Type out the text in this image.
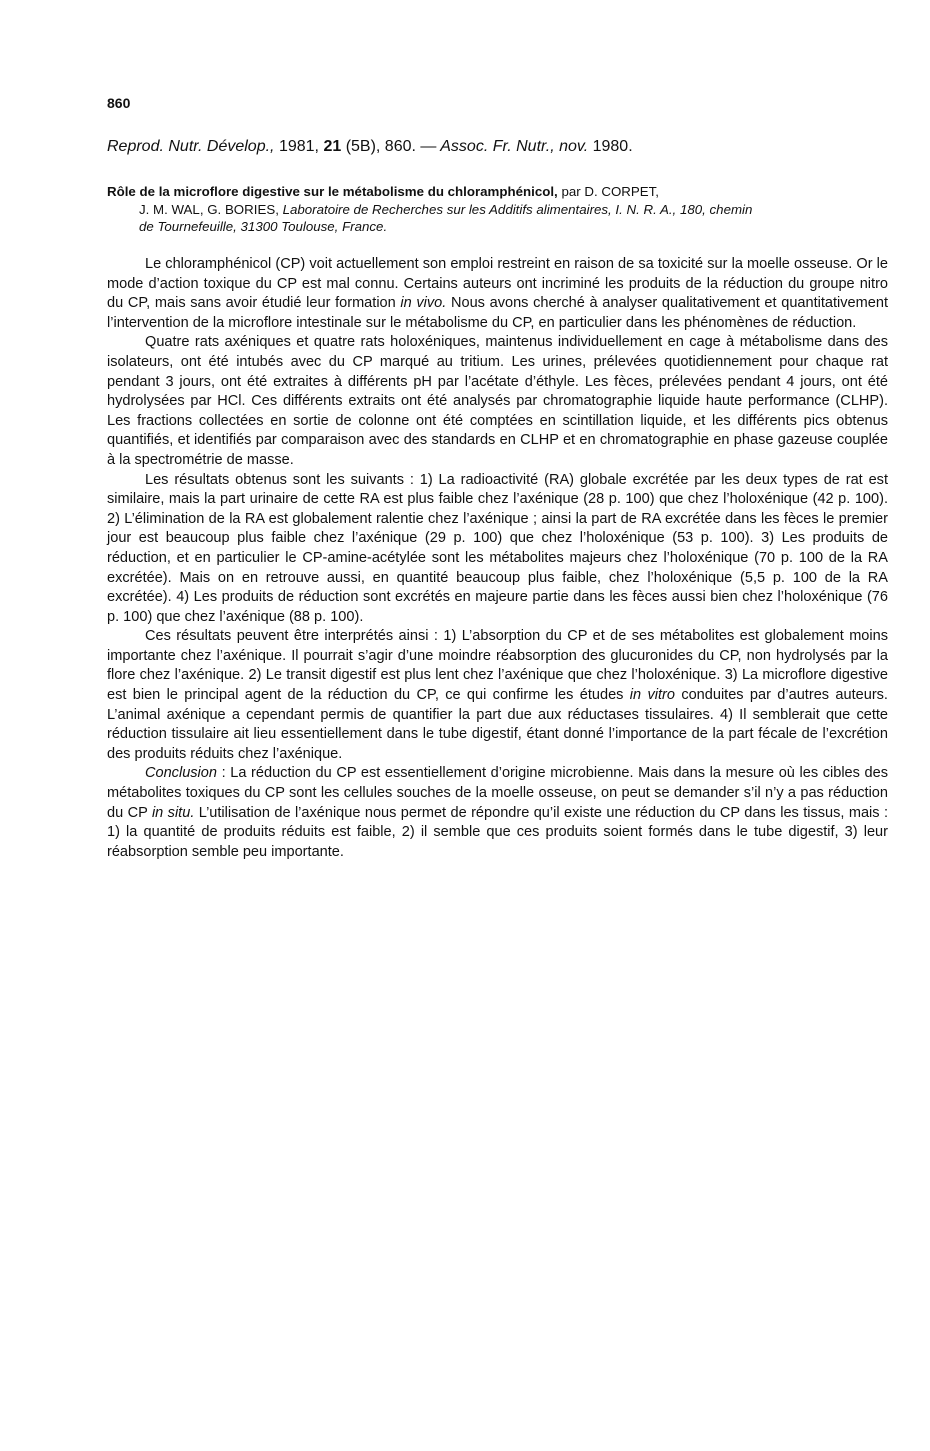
860
Reprod. Nutr. Dévelop., 1981, 21 (5B), 860. — Assoc. Fr. Nutr., nov. 1980.
Rôle de la microflore digestive sur le métabolisme du chloramphénicol, par D. CORPET,
J. M. WAL, G. BORIES, Laboratoire de Recherches sur les Additifs alimentaires, I. N. R. A., 180, chemin
de Tournefeuille, 31300 Toulouse, France.

Le chloramphénicol (CP) voit actuellement son emploi restreint en raison de sa toxicité sur la moelle osseuse. Or le mode d’action toxique du CP est mal connu. Certains auteurs ont incriminé les produits de la réduction du groupe nitro du CP, mais sans avoir étudié leur formation in vivo. Nous avons cherché à analyser qualitativement et quantitativement l’intervention de la microflore intestinale sur le métabolisme du CP, en particulier dans les phénomènes de réduction.

Quatre rats axéniques et quatre rats holoxéniques, maintenus individuellement en cage à métabolisme dans des isolateurs, ont été intubés avec du CP marqué au tritium. Les urines, prélevées quotidiennement pour chaque rat pendant 3 jours, ont été extraites à différents pH par l’acétate d’éthyle. Les fèces, prélevées pendant 4 jours, ont été hydrolysées par HCl. Ces différents extraits ont été analysés par chromatographie liquide haute performance (CLHP). Les fractions collectées en sortie de colonne ont été comptées en scintillation liquide, et les différents pics obtenus quantifiés, et identifiés par comparaison avec des standards en CLHP et en chromatographie en phase gazeuse couplée à la spectrométrie de masse.

Les résultats obtenus sont les suivants : 1) La radioactivité (RA) globale excrétée par les deux types de rat est similaire, mais la part urinaire de cette RA est plus faible chez l’axénique (28 p. 100) que chez l’holoxénique (42 p. 100). 2) L’élimination de la RA est globalement ralentie chez l’axénique ; ainsi la part de RA excrétée dans les fèces le premier jour est beaucoup plus faible chez l’axénique (29 p. 100) que chez l’holoxénique (53 p. 100). 3) Les produits de réduction, et en particulier le CP-amine-acétylée sont les métabolites majeurs chez l’holoxénique (70 p. 100 de la RA excrétée). Mais on en retrouve aussi, en quantité beaucoup plus faible, chez l’holoxénique (5,5 p. 100 de la RA excrétée). 4) Les produits de réduction sont excrétés en majeure partie dans les fèces aussi bien chez l’holoxénique (76 p. 100) que chez l’axénique (88 p. 100).

Ces résultats peuvent être interprétés ainsi : 1) L’absorption du CP et de ses métabolites est globalement moins importante chez l’axénique. Il pourrait s’agir d’une moindre réabsorption des glucuronides du CP, non hydrolysés par la flore chez l’axénique. 2) Le transit digestif est plus lent chez l’axénique que chez l’holoxénique. 3) La microflore digestive est bien le principal agent de la réduction du CP, ce qui confirme les études in vitro conduites par d’autres auteurs. L’animal axénique a cependant permis de quantifier la part due aux réductases tissulaires. 4) Il semblerait que cette réduction tissulaire ait lieu essentiellement dans le tube digestif, étant donné l’importance de la part fécale de l’excrétion des produits réduits chez l’axénique.

Conclusion : La réduction du CP est essentiellement d’origine microbienne. Mais dans la mesure où les cibles des métabolites toxiques du CP sont les cellules souches de la moelle osseuse, on peut se demander s’il n’y a pas réduction du CP in situ. L’utilisation de l’axénique nous permet de répondre qu’il existe une réduction du CP dans les tissus, mais : 1) la quantité de produits réduits est faible, 2) il semble que ces produits soient formés dans le tube digestif, 3) leur réabsorption semble peu importante.
